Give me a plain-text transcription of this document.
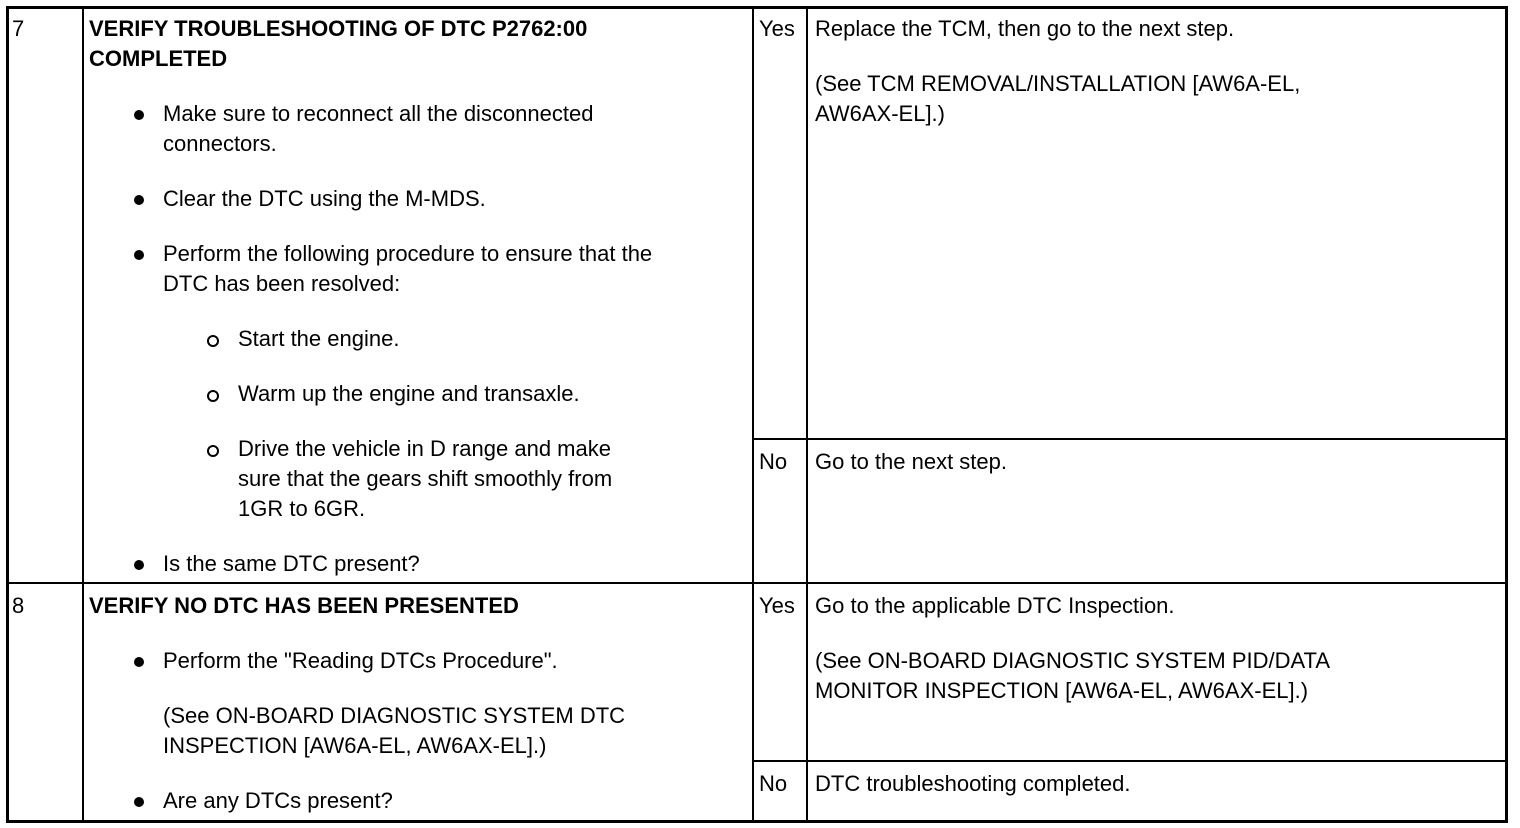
7	VERIFY TROUBLESHOOTING OF DTC P2762:00
COMPLETED
Make sure to reconnect all the disconnected
connectors.
Clear the DTC using the M-MDS.
Perform the following procedure to ensure that the
DTC has been resolved:
Start the engine.
Warm up the engine and transaxle.
Drive the vehicle in D range and make
sure that the gears shift smoothly from
1GR to 6GR.
Is the same DTC present?
Yes Replace the TCM, then go to the next step.
(See TCM REMOVAL/INSTALLATION [AW6A-EL,
AW6AX-EL].)
No Go to the next step.
8	VERIFY NO DTC HAS BEEN PRESENTED
Perform the "Reading DTCs Procedure".
(See ON-BOARD DIAGNOSTIC SYSTEM DTC
INSPECTION [AW6A-EL, AW6AX-EL].)
Are any DTCs present?
Yes Go to the applicable DTC Inspection.
(See ON-BOARD DIAGNOSTIC SYSTEM PID/DATA
MONITOR INSPECTION [AW6A-EL, AW6AX-EL].)
No DTC troubleshooting completed.
